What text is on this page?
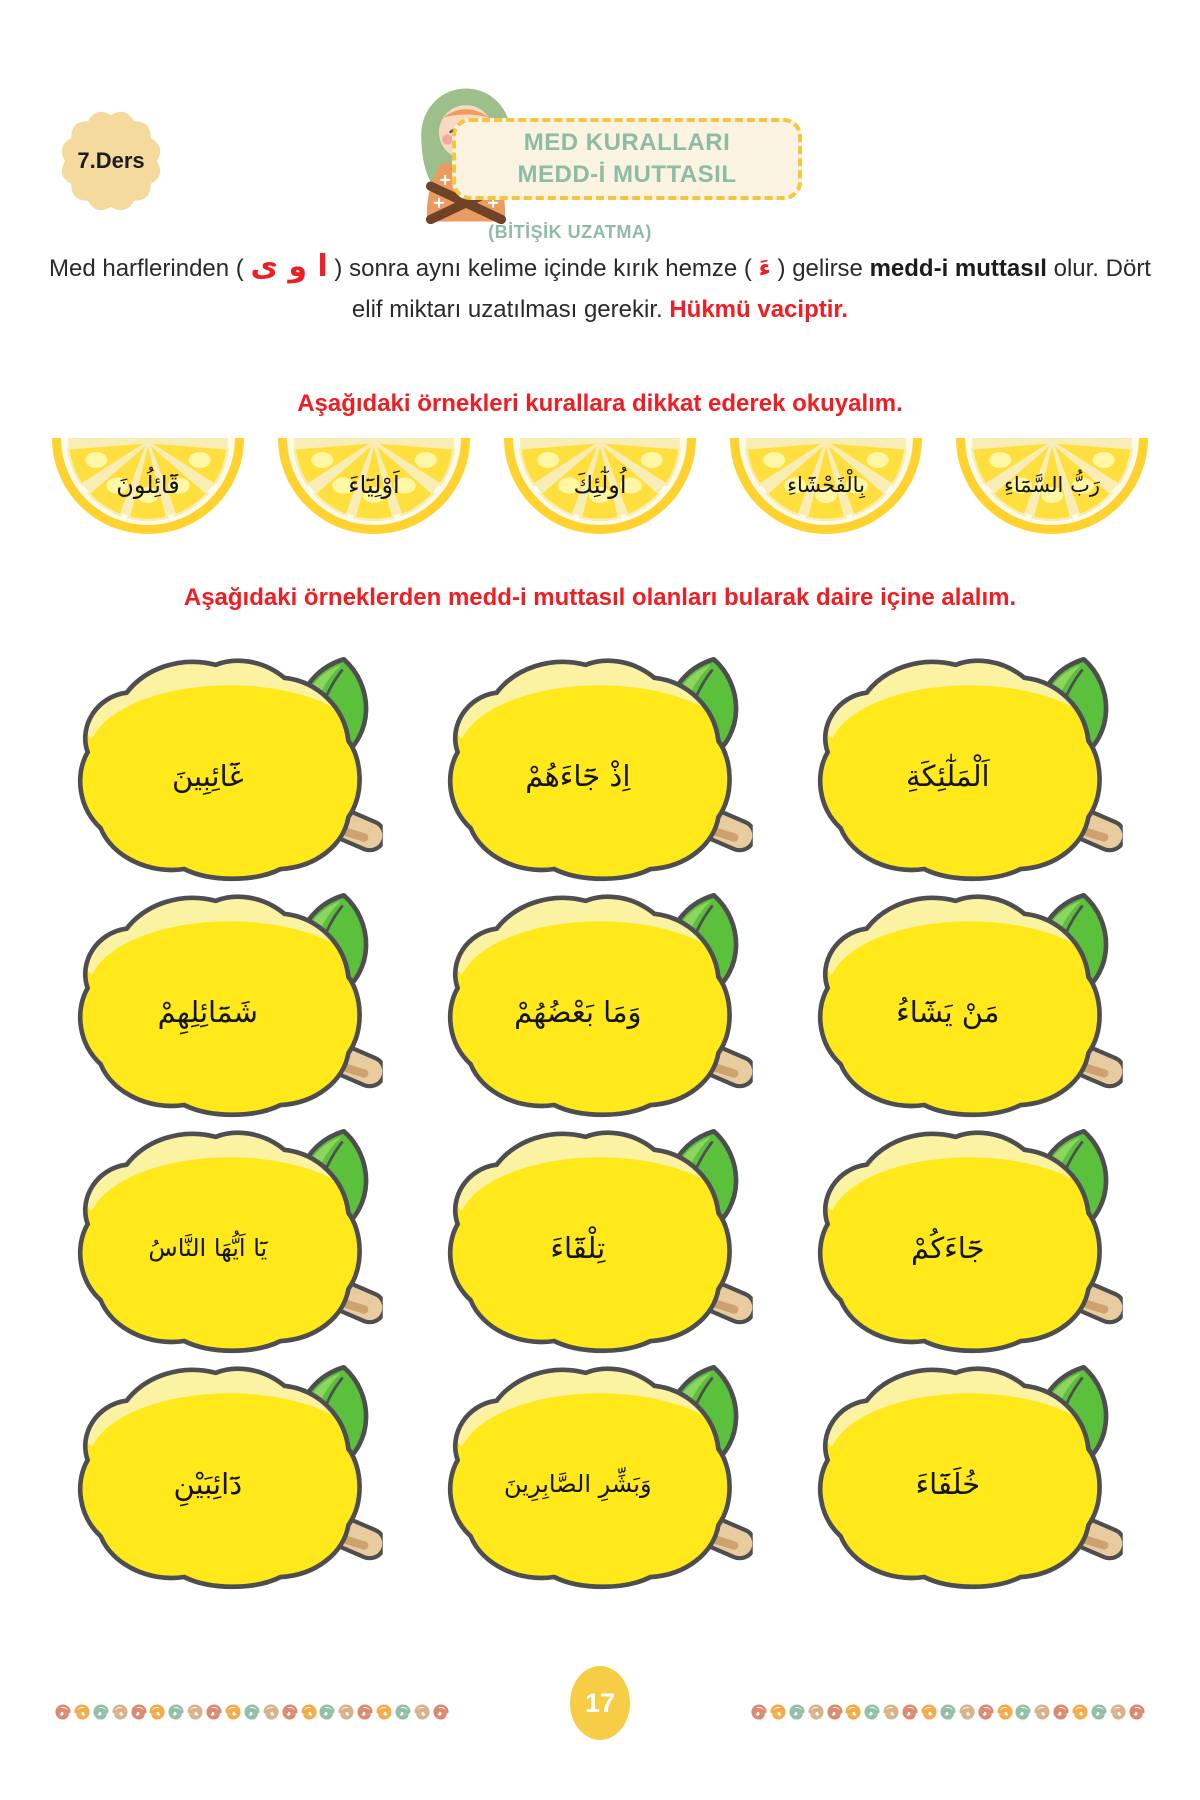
7.Ders
MED KURALLARI
MEDD-İ MUTTASIL
(BİTİŞİK UZATMA)

Med harflerinden ( ا و ى ) sonra aynı kelime içinde kırık hemze ( ءَ ) gelirse medd-i muttasıl olur. Dört elif miktarı uzatılması gerekir. Hükmü vaciptir.

Aşağıdaki örnekleri kurallara dikkat ederek okuyalım.
قَٓائِلُونَ	اَوْلِيَٓاءَ	اُولٰٓئِكَ	بِالْفَحْشَٓاءِ	رَبُّ السَّمَٓاءِ
Aşağıdaki örneklerden medd-i muttasıl olanları bularak daire içine alalım.
غَٓائِبِينَ	اِذْ جَٓاءَهُمْ	اَلْمَلٰٓئِكَةِ
شَمَٓائِلِهِمْ	وَمَا بَعْضُهُمْ	مَنْ يَشَٓاءُ
يَٓا اَيُّهَا النَّاسُ	تِلْقَٓاءَ	جَٓاءَكُمْ
دَٓائِبَيْنِ	وَبَشِّرِ الصَّابِرِينَ	خُلَفَٓاءَ
17
